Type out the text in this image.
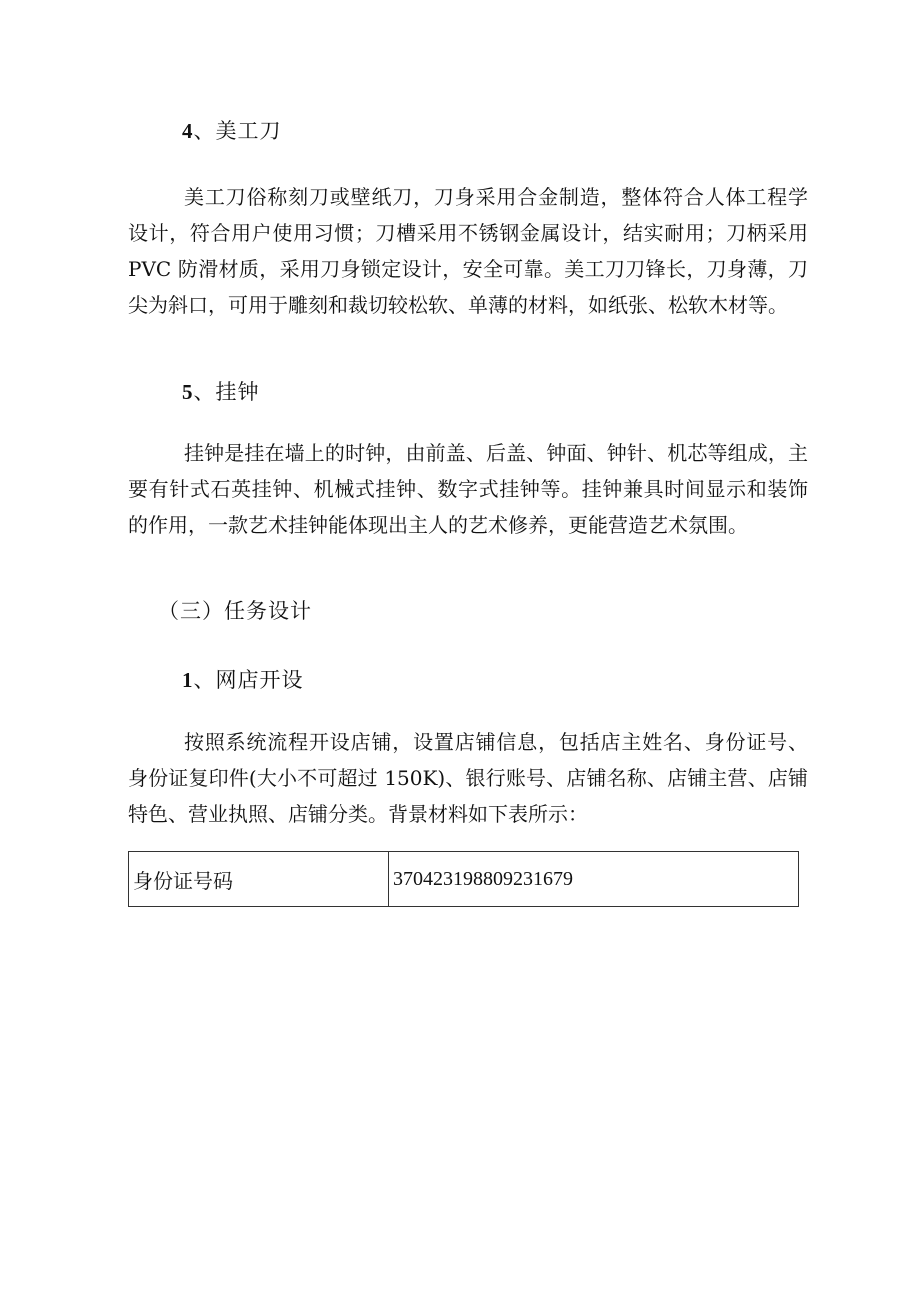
4、美工刀

美工刀俗称刻刀或壁纸刀，刀身采用合金制造，整体符合人体工程学
设计，符合用户使用习惯；刀槽采用不锈钢金属设计，结实耐用；刀柄采用
PVC 防滑材质，采用刀身锁定设计，安全可靠。美工刀刀锋长，刀身薄，刀
尖为斜口，可用于雕刻和裁切较松软、单薄的材料，如纸张、松软木材等。

5、挂钟

挂钟是挂在墙上的时钟，由前盖、后盖、钟面、钟针、机芯等组成，主
要有针式石英挂钟、机械式挂钟、数字式挂钟等。挂钟兼具时间显示和装饰
的作用，一款艺术挂钟能体现出主人的艺术修养，更能营造艺术氛围。

（三）任务设计
1、网店开设

按照系统流程开设店铺，设置店铺信息，包括店主姓名、身份证号、
身份证复印件(大小不可超过 150K)、银行账号、店铺名称、店铺主营、店铺
特色、营业执照、店铺分类。背景材料如下表所示：

身份证号码	370423198809231679
